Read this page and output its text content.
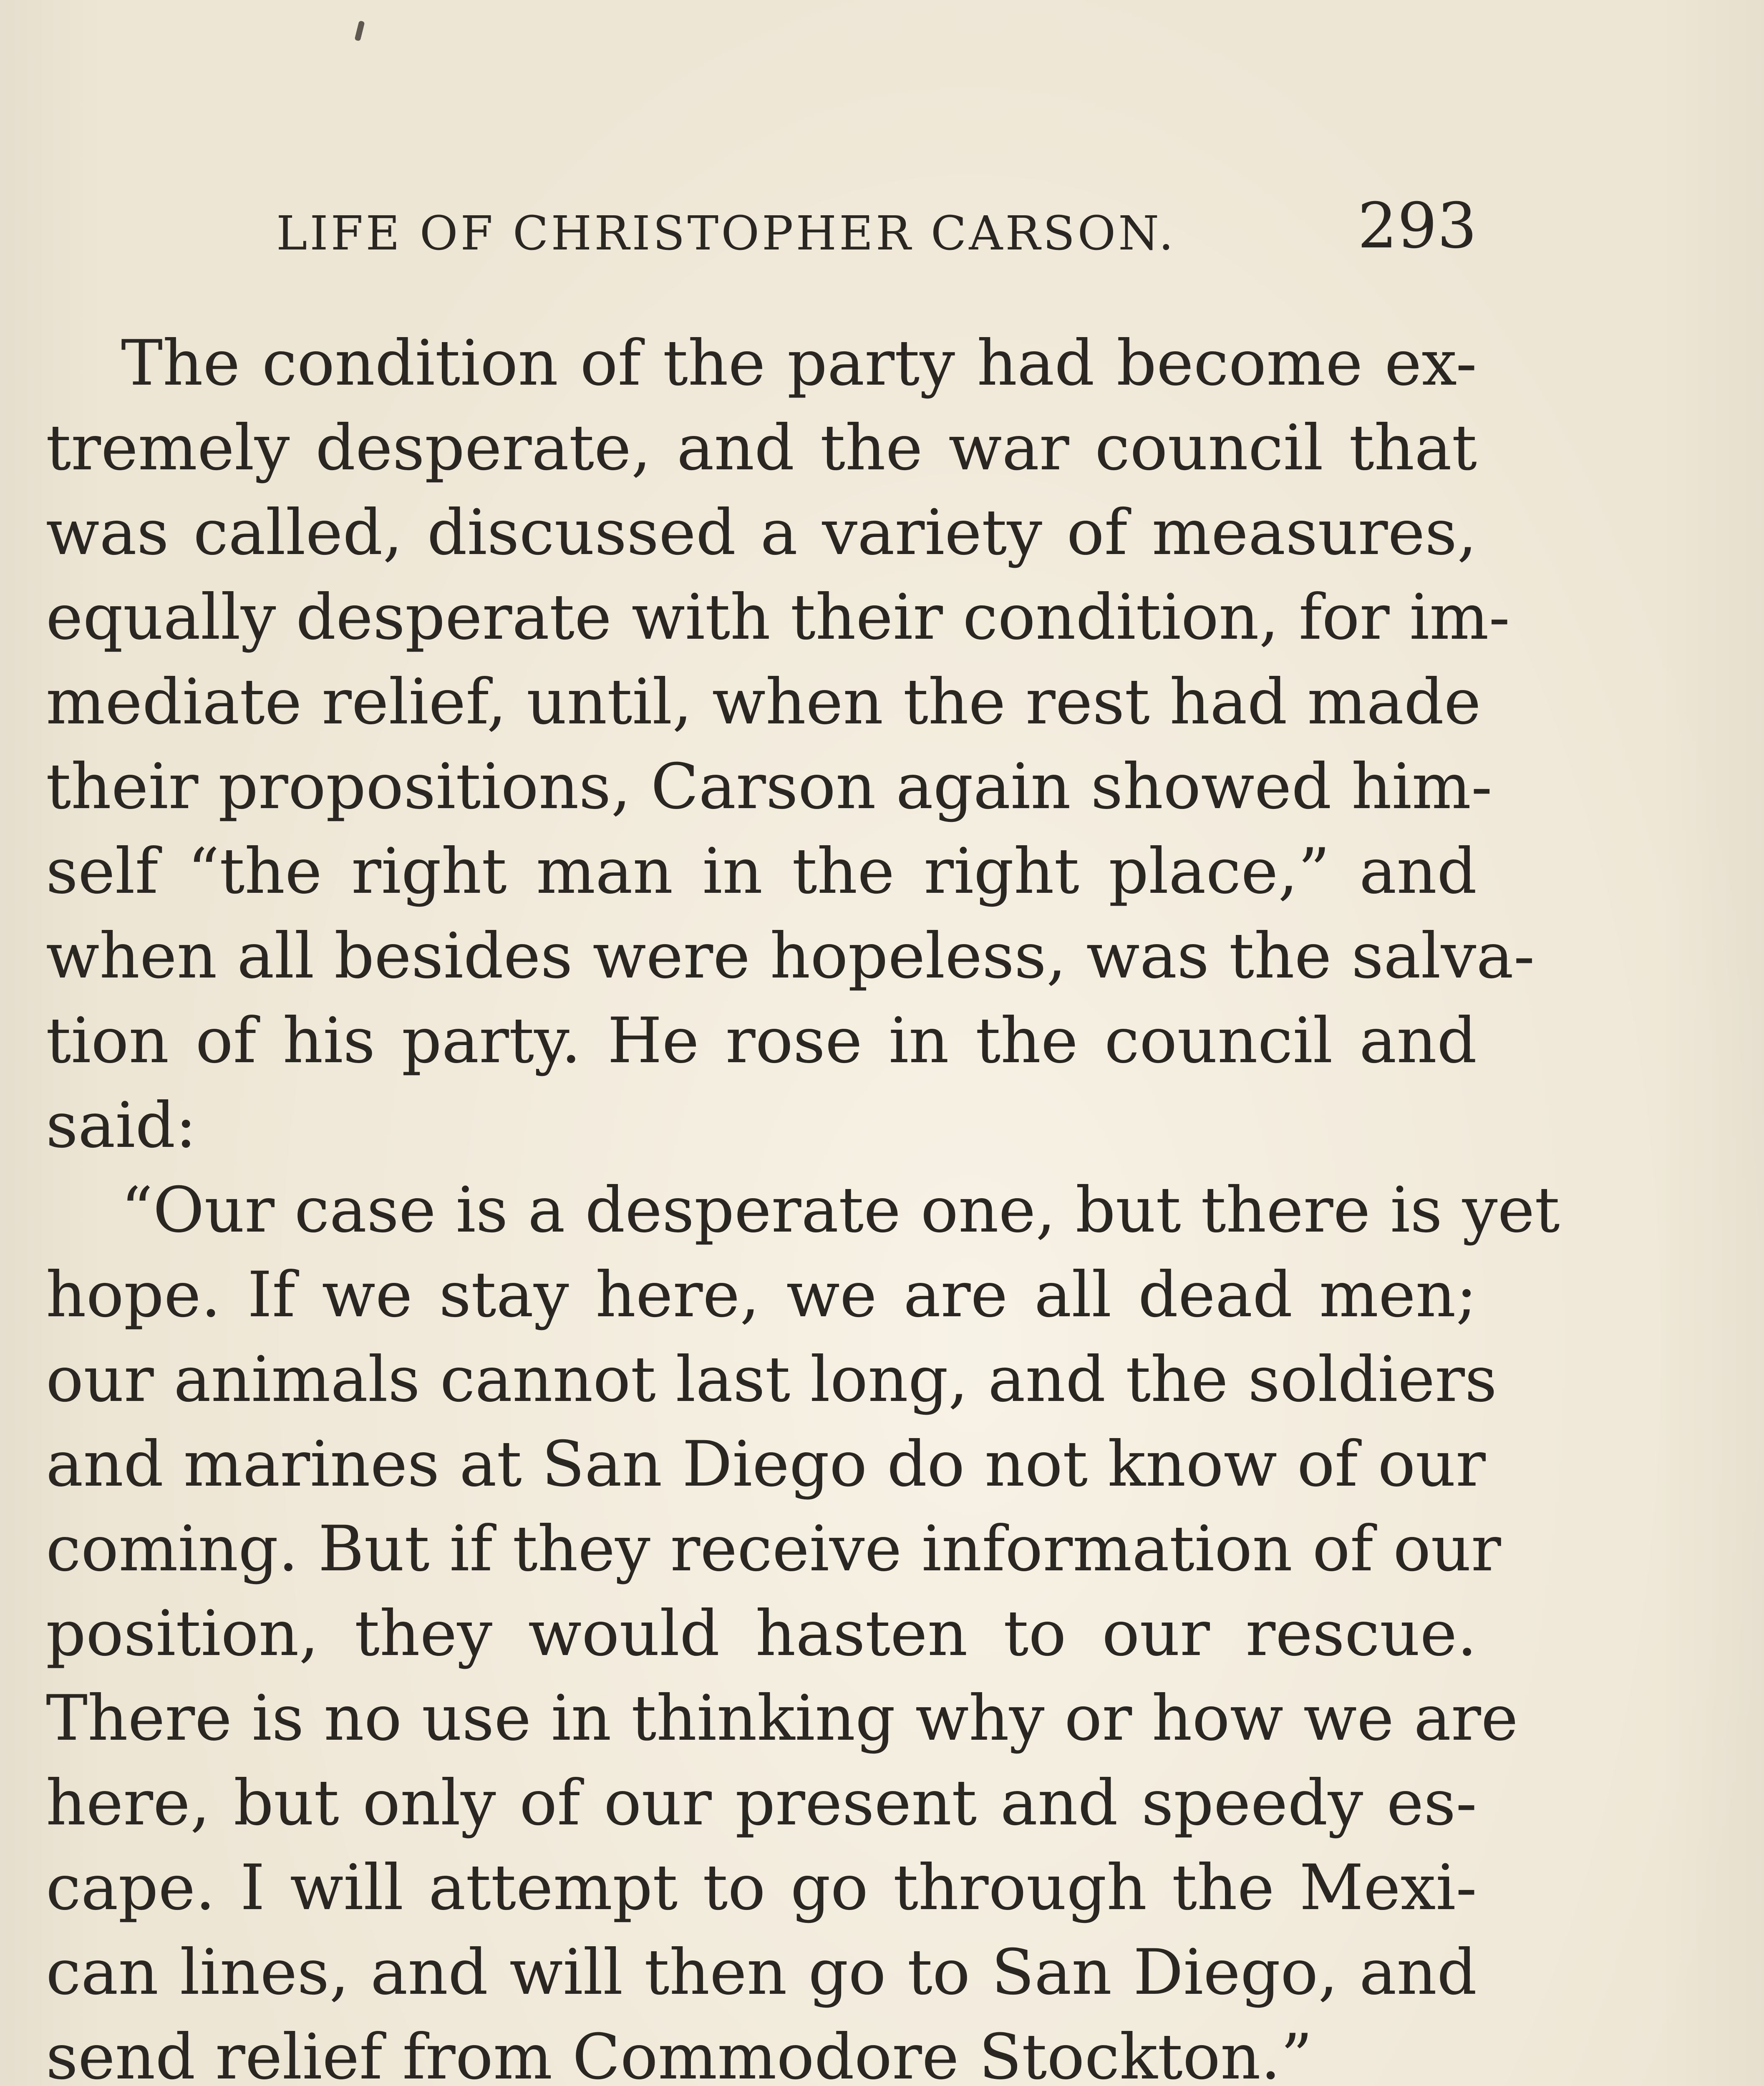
LIFE OF CHRISTOPHER CARSON.	293
The condition of the party had become ex-
tremely desperate, and the war council that
was called, discussed a variety of measures,
equally desperate with their condition, for im-
mediate relief, until, when the rest had made
their propositions, Carson again showed him-
self “the right man in the right place,” and
when all besides were hopeless, was the salva-
tion of his party. He rose in the council and
said:
“Our case is a desperate one, but there is yet
hope. If we stay here, we are all dead men;
our animals cannot last long, and the soldiers
and marines at San Diego do not know of our
coming. But if they receive information of our
position, they would hasten to our rescue.
There is no use in thinking why or how we are
here, but only of our present and speedy es-
cape. I will attempt to go through the Mexi-
can lines, and will then go to San Diego, and
send relief from Commodore Stockton.”
